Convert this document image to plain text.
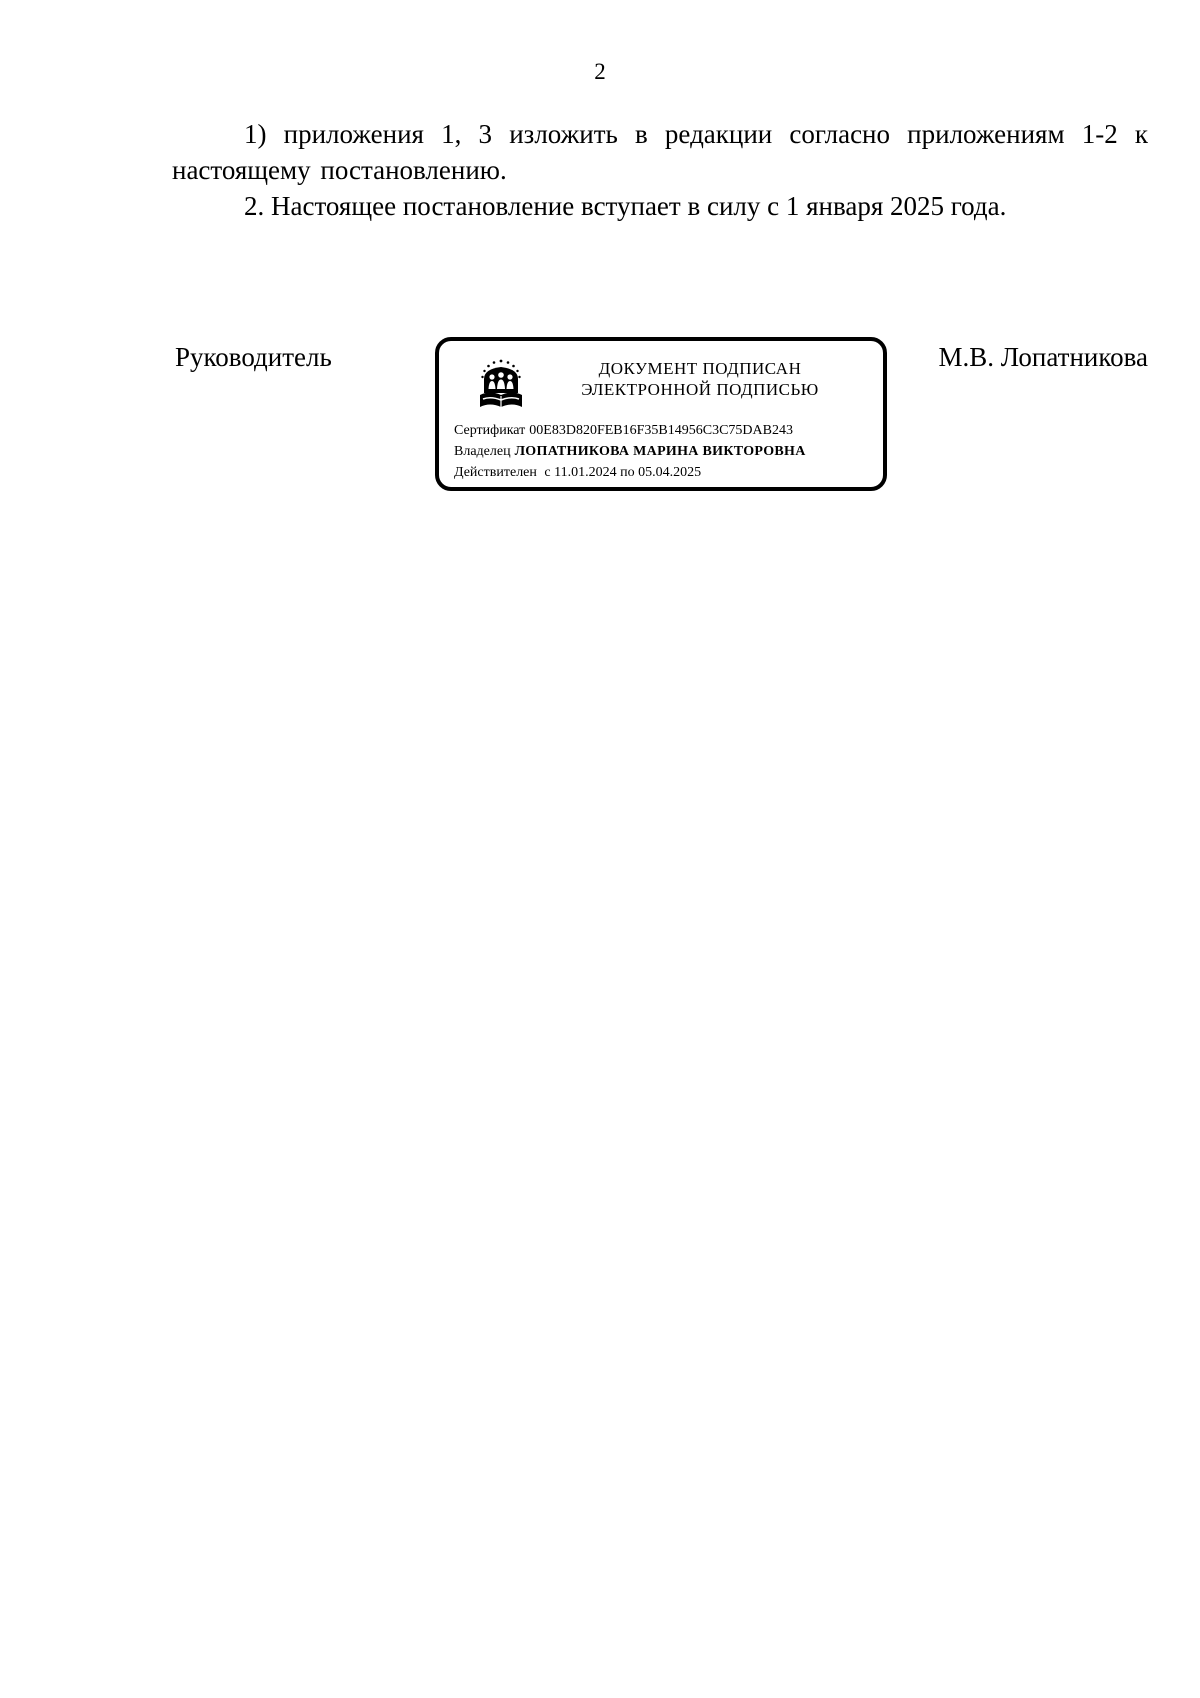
2

1) приложения 1, 3 изложить в редакции согласно приложениям 1-2 к настоящему постановлению.

2. Настоящее постановление вступает в силу с 1 января 2025 года.

Руководитель	ДОКУМЕНТ ПОДПИСАН
ЭЛЕКТРОННОЙ ПОДПИСЬЮ
Сертификат 00E83D820FEB16F35B14956C3C75DAB243
Владелец ЛОПАТНИКОВА МАРИНА ВИКТОРОВНА
Действителен с 11.01.2024 по 05.04.2025
М.В. Лопатникова
